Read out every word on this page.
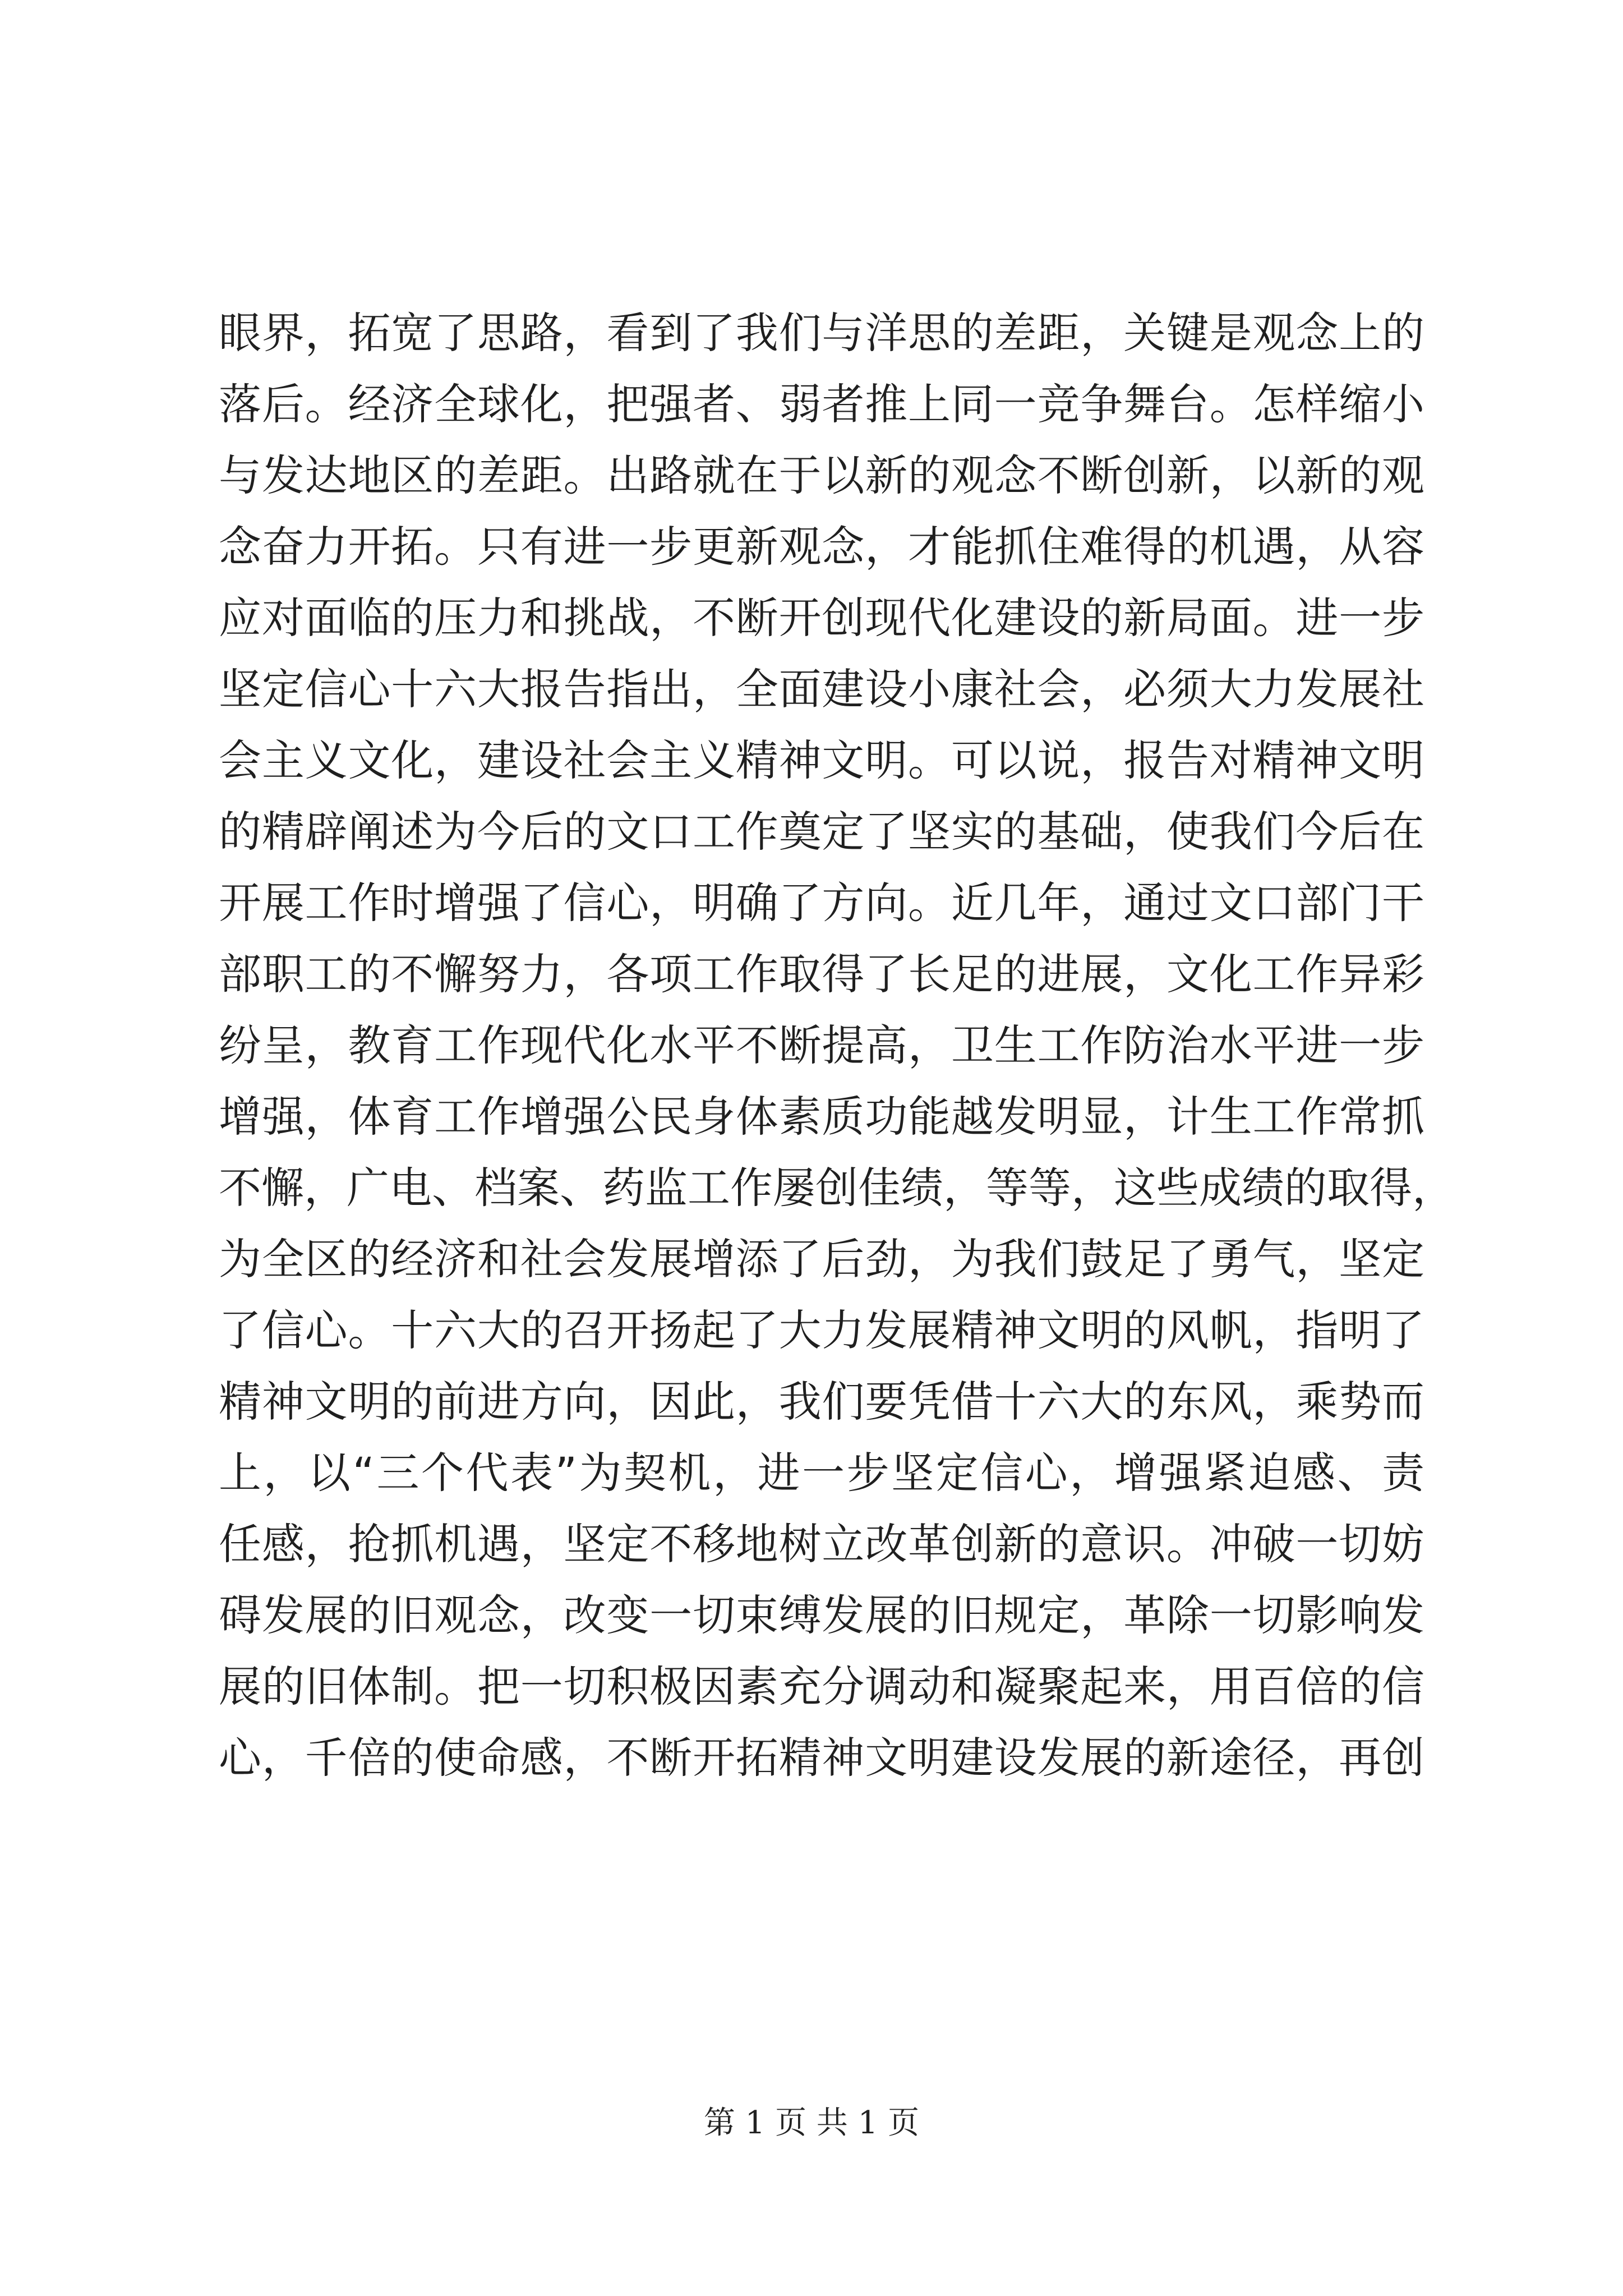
眼界，拓宽了思路，看到了我们与洋思的差距，关键是观念上的
落后。经济全球化，把强者、弱者推上同一竞争舞台。怎样缩小
与发达地区的差距。出路就在于以新的观念不断创新，以新的观
念奋力开拓。只有进一步更新观念，才能抓住难得的机遇，从容
应对面临的压力和挑战，不断开创现代化建设的新局面。进一步
坚定信心十六大报告指出，全面建设小康社会，必须大力发展社
会主义文化，建设社会主义精神文明。可以说，报告对精神文明
的精辟阐述为今后的文口工作奠定了坚实的基础，使我们今后在
开展工作时增强了信心，明确了方向。近几年，通过文口部门干
部职工的不懈努力，各项工作取得了长足的进展，文化工作异彩
纷呈，教育工作现代化水平不断提高，卫生工作防治水平进一步
增强，体育工作增强公民身体素质功能越发明显，计生工作常抓
不懈，广电、档案、药监工作屡创佳绩，等等，这些成绩的取得，
为全区的经济和社会发展增添了后劲，为我们鼓足了勇气，坚定
了信心。十六大的召开扬起了大力发展精神文明的风帆，指明了
精神文明的前进方向，因此，我们要凭借十六大的东风，乘势而
上，以“三个代表”为契机，进一步坚定信心，增强紧迫感、责
任感，抢抓机遇，坚定不移地树立改革创新的意识。冲破一切妨
碍发展的旧观念，改变一切束缚发展的旧规定，革除一切影响发
展的旧体制。把一切积极因素充分调动和凝聚起来，用百倍的信
心，千倍的使命感，不断开拓精神文明建设发展的新途径，再创
第 1 页 共 1 页
